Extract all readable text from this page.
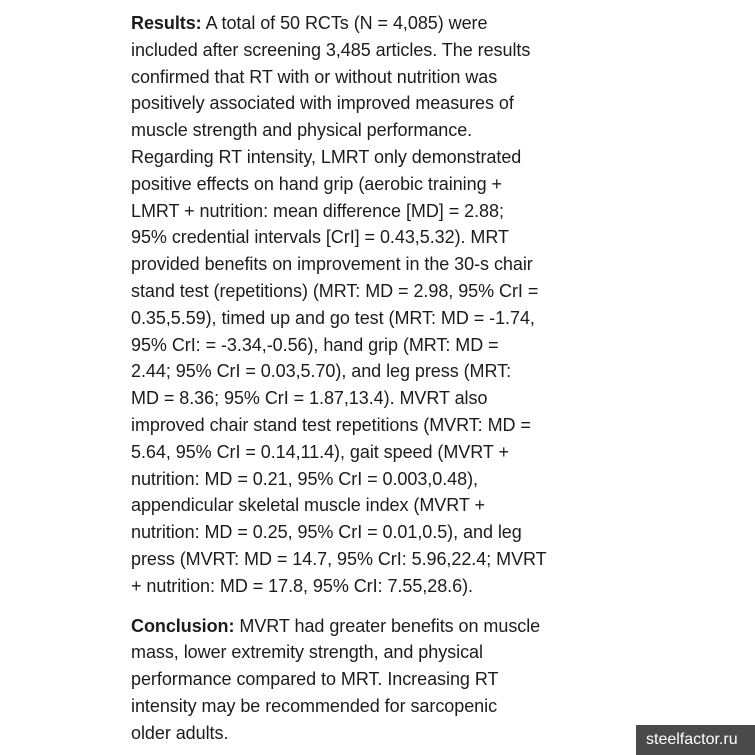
Results: A total of 50 RCTs (N = 4,085) were
included after screening 3,485 articles. The results
confirmed that RT with or without nutrition was
positively associated with improved measures of
muscle strength and physical performance.
Regarding RT intensity, LMRT only demonstrated
positive effects on hand grip (aerobic training +
LMRT + nutrition: mean difference [MD] = 2.88;
95% credential intervals [CrI] = 0.43,5.32). MRT
provided benefits on improvement in the 30-s chair
stand test (repetitions) (MRT: MD = 2.98, 95% CrI =
0.35,5.59), timed up and go test (MRT: MD = -1.74,
95% CrI: = -3.34,-0.56), hand grip (MRT: MD =
2.44; 95% CrI = 0.03,5.70), and leg press (MRT:
MD = 8.36; 95% CrI = 1.87,13.4). MVRT also
improved chair stand test repetitions (MVRT: MD =
5.64, 95% CrI = 0.14,11.4), gait speed (MVRT +
nutrition: MD = 0.21, 95% CrI = 0.003,0.48),
appendicular skeletal muscle index (MVRT +
nutrition: MD = 0.25, 95% CrI = 0.01,0.5), and leg
press (MVRT: MD = 14.7, 95% CrI: 5.96,22.4; MVRT
+ nutrition: MD = 17.8, 95% CrI: 7.55,28.6).

Conclusion: MVRT had greater benefits on muscle
mass, lower extremity strength, and physical
performance compared to MRT. Increasing RT
intensity may be recommended for sarcopenic
older adults.	steelfactor.ru
